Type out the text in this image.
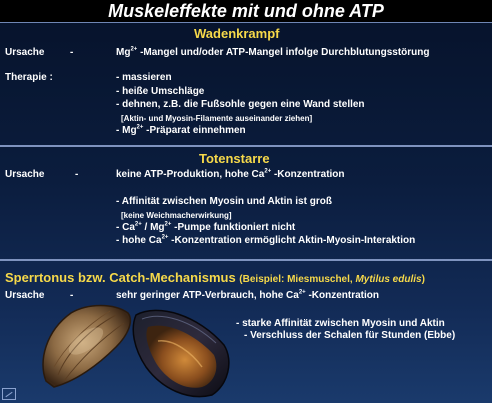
Muskeleffekte mit und ohne ATP
Wadenkrampf
Ursache	-	$Mg^{2+}$ -Mangel und/oder ATP-Mangel infolge Durchblutungsstörung
Therapie :	- massieren
- heiße Umschläge
- dehnen, z.B. die Fußsohle gegen eine Wand stellen
[Aktin- und Myosin-Filamente auseinander ziehen]
- $Mg^{2+}$ -Präparat einnehmen
Totenstarre
Ursache	-	keine ATP-Produktion, hohe $Ca^{2+}$ -Konzentration
- Affinität zwischen Myosin und Aktin ist groß
[keine Weichmacherwirkung]
- $Ca^{2+} / Mg^{2+}$ -Pumpe funktioniert nicht
- hohe $Ca^{2+}$ -Konzentration ermöglicht Aktin-Myosin-Interaktion
Sperrtonus bzw. Catch-Mechanismus (Beispiel: Miesmuschel, Mytilus edulis)
Ursache	-	sehr geringer ATP-Verbrauch, hohe $Ca^{2+}$ -Konzentration
- starke Affinität zwischen Myosin und Aktin
- Verschluss der Schalen für Stunden (Ebbe)
